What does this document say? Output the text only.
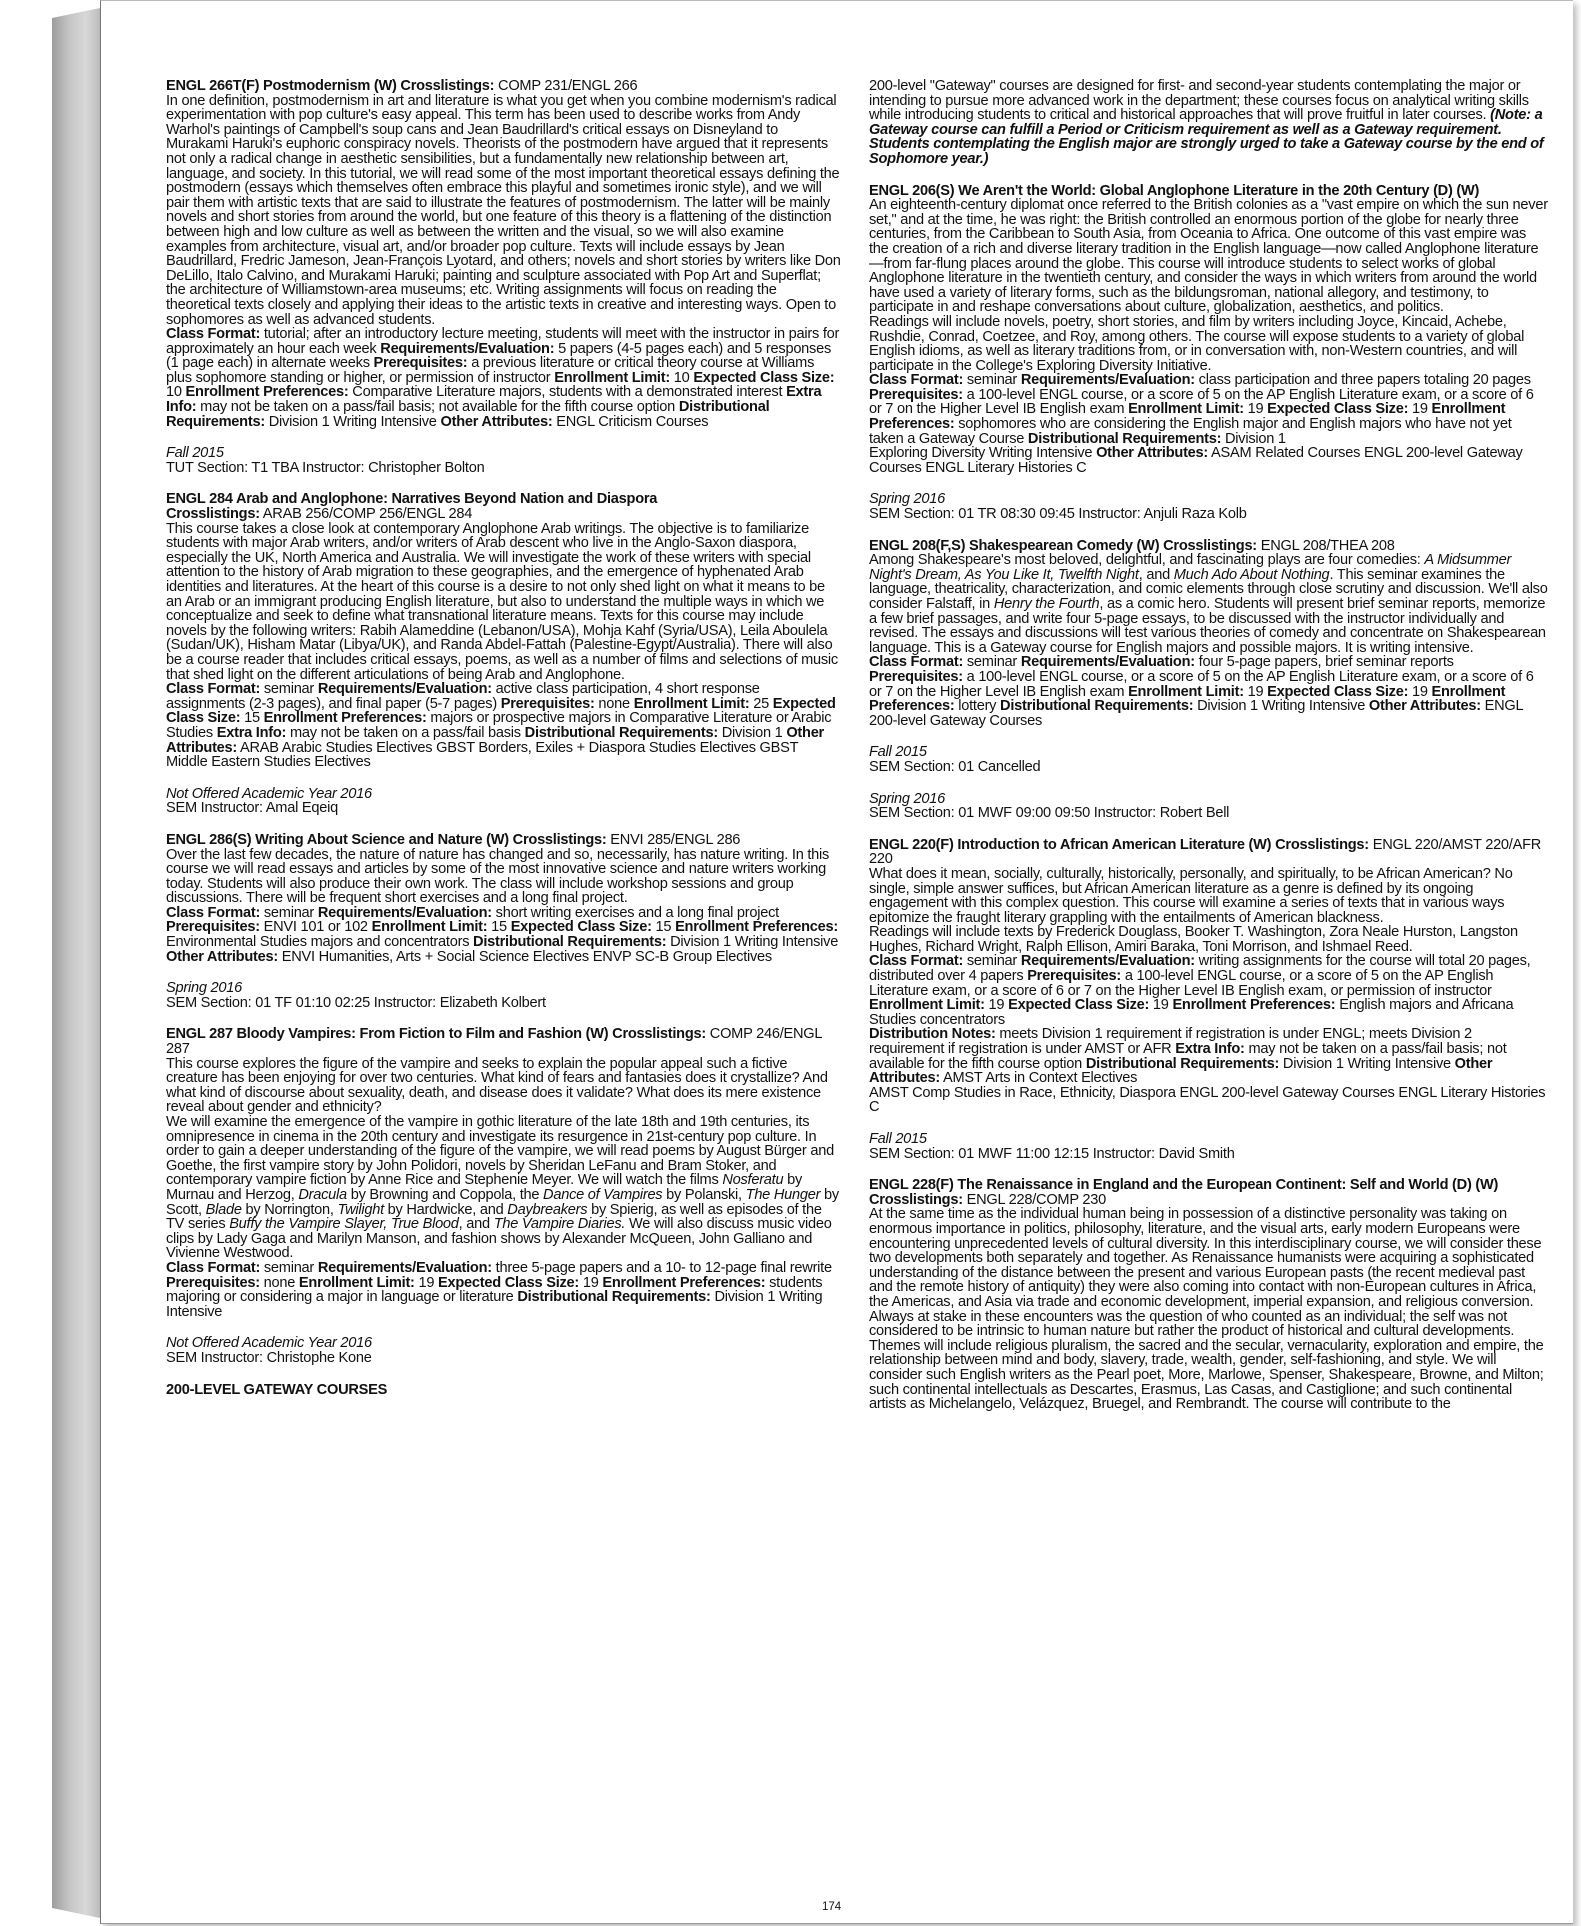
ENGL 266T(F) Postmodernism (W) Crosslistings: COMP 231/ENGL 266

In one definition, postmodernism in art and literature is what you get when you combine modernism's radical experimentation with pop culture's easy appeal. This term has been used to describe works from Andy Warhol's paintings of Campbell's soup cans and Jean Baudrillard's critical essays on Disneyland to Murakami Haruki's euphoric conspiracy novels. Theorists of the postmodern have argued that it represents not only a radical change in aesthetic sensibilities, but a fundamentally new relationship between art, language, and society. In this tutorial, we will read some of the most important theoretical essays defining the postmodern (essays which themselves often embrace this playful and sometimes ironic style), and we will pair them with artistic texts that are said to illustrate the features of postmodernism. The latter will be mainly novels and short stories from around the world, but one feature of this theory is a flattening of the distinction between high and low culture as well as between the written and the visual, so we will also examine examples from architecture, visual art, and/or broader pop culture. Texts will include essays by Jean Baudrillard, Fredric Jameson, Jean-François Lyotard, and others; novels and short stories by writers like Don DeLillo, Italo Calvino, and Murakami Haruki; painting and sculpture associated with Pop Art and Superflat; the architecture of Williamstown-area museums; etc. Writing assignments will focus on reading the theoretical texts closely and applying their ideas to the artistic texts in creative and interesting ways. Open to sophomores as well as advanced students.

Class Format: tutorial; after an introductory lecture meeting, students will meet with the instructor in pairs for approximately an hour each week Requirements/Evaluation: 5 papers (4-5 pages each) and 5 responses (1 page each) in alternate weeks Prerequisites: a previous literature or critical theory course at Williams plus sophomore standing or higher, or permission of instructor Enrollment Limit: 10 Expected Class Size: 10 Enrollment Preferences: Comparative Literature majors, students with a demonstrated interest Extra Info: may not be taken on a pass/fail basis; not available for the fifth course option Distributional Requirements: Division 1 Writing Intensive Other Attributes: ENGL Criticism Courses

Fall 2015

TUT Section: T1 TBA Instructor: Christopher Bolton

ENGL 284 Arab and Anglophone: Narratives Beyond Nation and Diaspora

Crosslistings: ARAB 256/COMP 256/ENGL 284

This course takes a close look at contemporary Anglophone Arab writings. The objective is to familiarize students with major Arab writers, and/or writers of Arab descent who live in the Anglo-Saxon diaspora, especially the UK, North America and Australia. We will investigate the work of these writers with special attention to the history of Arab migration to these geographies, and the emergence of hyphenated Arab identities and literatures. At the heart of this course is a desire to not only shed light on what it means to be an Arab or an immigrant producing English literature, but also to understand the multiple ways in which we conceptualize and seek to define what transnational literature means. Texts for this course may include novels by the following writers: Rabih Alameddine (Lebanon/USA), Mohja Kahf (Syria/USA), Leila Aboulela (Sudan/UK), Hisham Matar (Libya/UK), and Randa Abdel-Fattah (Palestine-Egypt/Australia). There will also be a course reader that includes critical essays, poems, as well as a number of films and selections of music that shed light on the different articulations of being Arab and Anglophone.

Class Format: seminar Requirements/Evaluation: active class participation, 4 short response assignments (2-3 pages), and final paper (5-7 pages) Prerequisites: none Enrollment Limit: 25 Expected Class Size: 15 Enrollment Preferences: majors or prospective majors in Comparative Literature or Arabic Studies Extra Info: may not be taken on a pass/fail basis Distributional Requirements: Division 1 Other Attributes: ARAB Arabic Studies Electives GBST Borders, Exiles + Diaspora Studies Electives GBST Middle Eastern Studies Electives

Not Offered Academic Year 2016

SEM Instructor: Amal Eqeiq

ENGL 286(S) Writing About Science and Nature (W) Crosslistings: ENVI 285/ENGL 286

Over the last few decades, the nature of nature has changed and so, necessarily, has nature writing. In this course we will read essays and articles by some of the most innovative science and nature writers working today. Students will also produce their own work. The class will include workshop sessions and group discussions. There will be frequent short exercises and a long final project.

Class Format: seminar Requirements/Evaluation: short writing exercises and a long final project Prerequisites: ENVI 101 or 102 Enrollment Limit: 15 Expected Class Size: 15 Enrollment Preferences: Environmental Studies majors and concentrators Distributional Requirements: Division 1 Writing Intensive Other Attributes: ENVI Humanities, Arts + Social Science Electives ENVP SC-B Group Electives

Spring 2016

SEM Section: 01 TF 01:10 02:25 Instructor: Elizabeth Kolbert

ENGL 287 Bloody Vampires: From Fiction to Film and Fashion (W) Crosslistings: COMP 246/ENGL 287

This course explores the figure of the vampire and seeks to explain the popular appeal such a fictive creature has been enjoying for over two centuries. What kind of fears and fantasies does it crystallize? And what kind of discourse about sexuality, death, and disease does it validate? What does its mere existence reveal about gender and ethnicity?

We will examine the emergence of the vampire in gothic literature of the late 18th and 19th centuries, its omnipresence in cinema in the 20th century and investigate its resurgence in 21st-century pop culture. In order to gain a deeper understanding of the figure of the vampire, we will read poems by August Bürger and Goethe, the first vampire story by John Polidori, novels by Sheridan LeFanu and Bram Stoker, and contemporary vampire fiction by Anne Rice and Stephenie Meyer. We will watch the films Nosferatu by Murnau and Herzog, Dracula by Browning and Coppola, the Dance of Vampires by Polanski, The Hunger by Scott, Blade by Norrington, Twilight by Hardwicke, and Daybreakers by Spierig, as well as episodes of the TV series Buffy the Vampire Slayer, True Blood, and The Vampire Diaries. We will also discuss music video clips by Lady Gaga and Marilyn Manson, and fashion shows by Alexander McQueen, John Galliano and Vivienne Westwood.

Class Format: seminar Requirements/Evaluation: three 5-page papers and a 10- to 12-page final rewrite Prerequisites: none Enrollment Limit: 19 Expected Class Size: 19 Enrollment Preferences: students majoring or considering a major in language or literature Distributional Requirements: Division 1 Writing Intensive

Not Offered Academic Year 2016

SEM Instructor: Christophe Kone

200-LEVEL GATEWAY COURSES

200-level "Gateway" courses are designed for first- and second-year students contemplating the major or intending to pursue more advanced work in the department; these courses focus on analytical writing skills while introducing students to critical and historical approaches that will prove fruitful in later courses. (Note: a Gateway course can fulfill a Period or Criticism requirement as well as a Gateway requirement. Students contemplating the English major are strongly urged to take a Gateway course by the end of Sophomore year.)

ENGL 206(S) We Aren't the World: Global Anglophone Literature in the 20th Century (D) (W)

An eighteenth-century diplomat once referred to the British colonies as a "vast empire on which the sun never set," and at the time, he was right: the British controlled an enormous portion of the globe for nearly three centuries, from the Caribbean to South Asia, from Oceania to Africa. One outcome of this vast empire was the creation of a rich and diverse literary tradition in the English language—now called Anglophone literature—from far-flung places around the globe. This course will introduce students to select works of global Anglophone literature in the twentieth century, and consider the ways in which writers from around the world have used a variety of literary forms, such as the bildungsroman, national allegory, and testimony, to participate in and reshape conversations about culture, globalization, aesthetics, and politics.

Readings will include novels, poetry, short stories, and film by writers including Joyce, Kincaid, Achebe, Rushdie, Conrad, Coetzee, and Roy, among others. The course will expose students to a variety of global English idioms, as well as literary traditions from, or in conversation with, non-Western countries, and will participate in the College's Exploring Diversity Initiative.

Class Format: seminar Requirements/Evaluation: class participation and three papers totaling 20 pages Prerequisites: a 100-level ENGL course, or a score of 5 on the AP English Literature exam, or a score of 6 or 7 on the Higher Level IB English exam Enrollment Limit: 19 Expected Class Size: 19 Enrollment Preferences: sophomores who are considering the English major and English majors who have not yet taken a Gateway Course Distributional Requirements: Division 1

Exploring Diversity Writing Intensive Other Attributes: ASAM Related Courses ENGL 200-level Gateway Courses ENGL Literary Histories C

Spring 2016

SEM Section: 01 TR 08:30 09:45 Instructor: Anjuli Raza Kolb

ENGL 208(F,S) Shakespearean Comedy (W) Crosslistings: ENGL 208/THEA 208

Among Shakespeare's most beloved, delightful, and fascinating plays are four comedies: A Midsummer Night's Dream, As You Like It, Twelfth Night, and Much Ado About Nothing. This seminar examines the language, theatricality, characterization, and comic elements through close scrutiny and discussion. We'll also consider Falstaff, in Henry the Fourth, as a comic hero. Students will present brief seminar reports, memorize a few brief passages, and write four 5-page essays, to be discussed with the instructor individually and revised. The essays and discussions will test various theories of comedy and concentrate on Shakespearean language. This is a Gateway course for English majors and possible majors. It is writing intensive.

Class Format: seminar Requirements/Evaluation: four 5-page papers, brief seminar reports Prerequisites: a 100-level ENGL course, or a score of 5 on the AP English Literature exam, or a score of 6 or 7 on the Higher Level IB English exam Enrollment Limit: 19 Expected Class Size: 19 Enrollment Preferences: lottery Distributional Requirements: Division 1 Writing Intensive Other Attributes: ENGL 200-level Gateway Courses

Fall 2015

SEM Section: 01 Cancelled

Spring 2016

SEM Section: 01 MWF 09:00 09:50 Instructor: Robert Bell

ENGL 220(F) Introduction to African American Literature (W) Crosslistings: ENGL 220/AMST 220/AFR 220

What does it mean, socially, culturally, historically, personally, and spiritually, to be African American? No single, simple answer suffices, but African American literature as a genre is defined by its ongoing engagement with this complex question. This course will examine a series of texts that in various ways epitomize the fraught literary grappling with the entailments of American blackness.

Readings will include texts by Frederick Douglass, Booker T. Washington, Zora Neale Hurston, Langston Hughes, Richard Wright, Ralph Ellison, Amiri Baraka, Toni Morrison, and Ishmael Reed.

Class Format: seminar Requirements/Evaluation: writing assignments for the course will total 20 pages, distributed over 4 papers Prerequisites: a 100-level ENGL course, or a score of 5 on the AP English Literature exam, or a score of 6 or 7 on the Higher Level IB English exam, or permission of instructor Enrollment Limit: 19 Expected Class Size: 19 Enrollment Preferences: English majors and Africana Studies concentrators

Distribution Notes: meets Division 1 requirement if registration is under ENGL; meets Division 2 requirement if registration is under AMST or AFR Extra Info: may not be taken on a pass/fail basis; not available for the fifth course option Distributional Requirements: Division 1 Writing Intensive Other Attributes: AMST Arts in Context Electives

AMST Comp Studies in Race, Ethnicity, Diaspora ENGL 200-level Gateway Courses ENGL Literary Histories C

Fall 2015

SEM Section: 01 MWF 11:00 12:15 Instructor: David Smith

ENGL 228(F) The Renaissance in England and the European Continent: Self and World (D) (W) Crosslistings: ENGL 228/COMP 230

At the same time as the individual human being in possession of a distinctive personality was taking on enormous importance in politics, philosophy, literature, and the visual arts, early modern Europeans were encountering unprecedented levels of cultural diversity. In this interdisciplinary course, we will consider these two developments both separately and together. As Renaissance humanists were acquiring a sophisticated understanding of the distance between the present and various European pasts (the recent medieval past and the remote history of antiquity) they were also coming into contact with non-European cultures in Africa, the Americas, and Asia via trade and economic development, imperial expansion, and religious conversion. Always at stake in these encounters was the question of who counted as an individual; the self was not considered to be intrinsic to human nature but rather the product of historical and cultural developments. Themes will include religious pluralism, the sacred and the secular, vernacularity, exploration and empire, the relationship between mind and body, slavery, trade, wealth, gender, self-fashioning, and style. We will consider such English writers as the Pearl poet, More, Marlowe, Spenser, Shakespeare, Browne, and Milton; such continental intellectuals as Descartes, Erasmus, Las Casas, and Castiglione; and such continental artists as Michelangelo, Velázquez, Bruegel, and Rembrandt. The course will contribute to the

174
